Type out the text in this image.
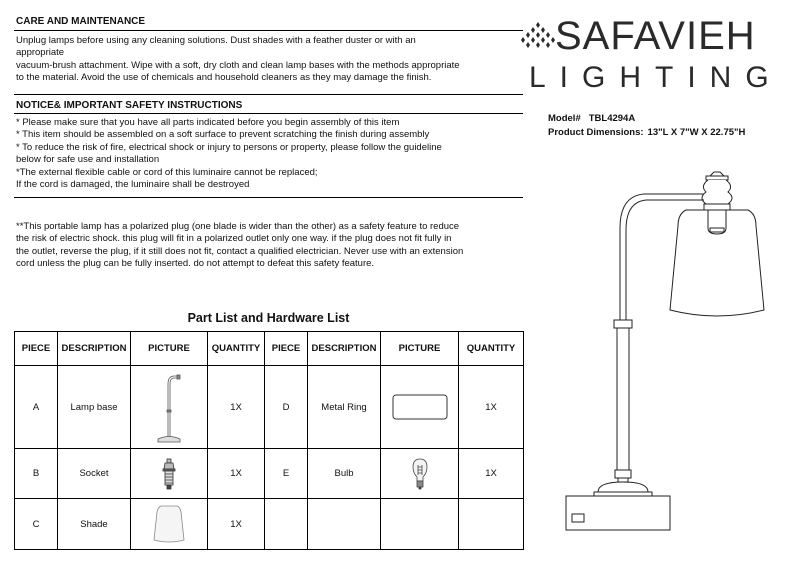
CARE AND MAINTENANCE
Unplug lamps before using any cleaning solutions. Dust shades with a feather duster or with an
appropriate
vacuum-brush attachment. Wipe with a soft, dry cloth and clean lamp bases with the methods appropriate
to the material. Avoid the use of chemicals and household cleaners as they may damage the finish.
NOTICE& IMPORTANT SAFETY INSTRUCTIONS
* Please make sure that you have all parts indicated before you begin assembly of this item
* This item should be assembled on a soft surface to prevent scratching the finish during assembly
* To reduce the risk of fire, electrical shock or injury to persons or property, please follow the guideline
below for safe use and installation
*The external flexible cable or cord of this luminaire cannot be replaced;
If the cord is damaged, the luminaire shall be destroyed
**This portable lamp has a polarized plug (one blade is wider than the other) as a safety feature to reduce
the risk of electric shock. this plug will fit in a polarized outlet only one way. if the plug does not fit fully in
the outlet, reverse the plug, if it still does not fit, contact a qualified electrician. Never use with an extension
cord unless the plug can be fully inserted. do not attempt to defeat this safety feature.
SAFAVIEH
LIGHTING
Model# TBL4294A
Product Dimensions: 13"L X 7"W X 22.75"H
Part List and Hardware List
PIECE	DESCRIPTION	PICTURE	QUANTITY	PIECE	DESCRIPTION	PICTURE	QUANTITY
A	Lamp base		1X	D	Metal Ring		1X
B	Socket		1X	E	Bulb		1X
C	Shade		1X				
